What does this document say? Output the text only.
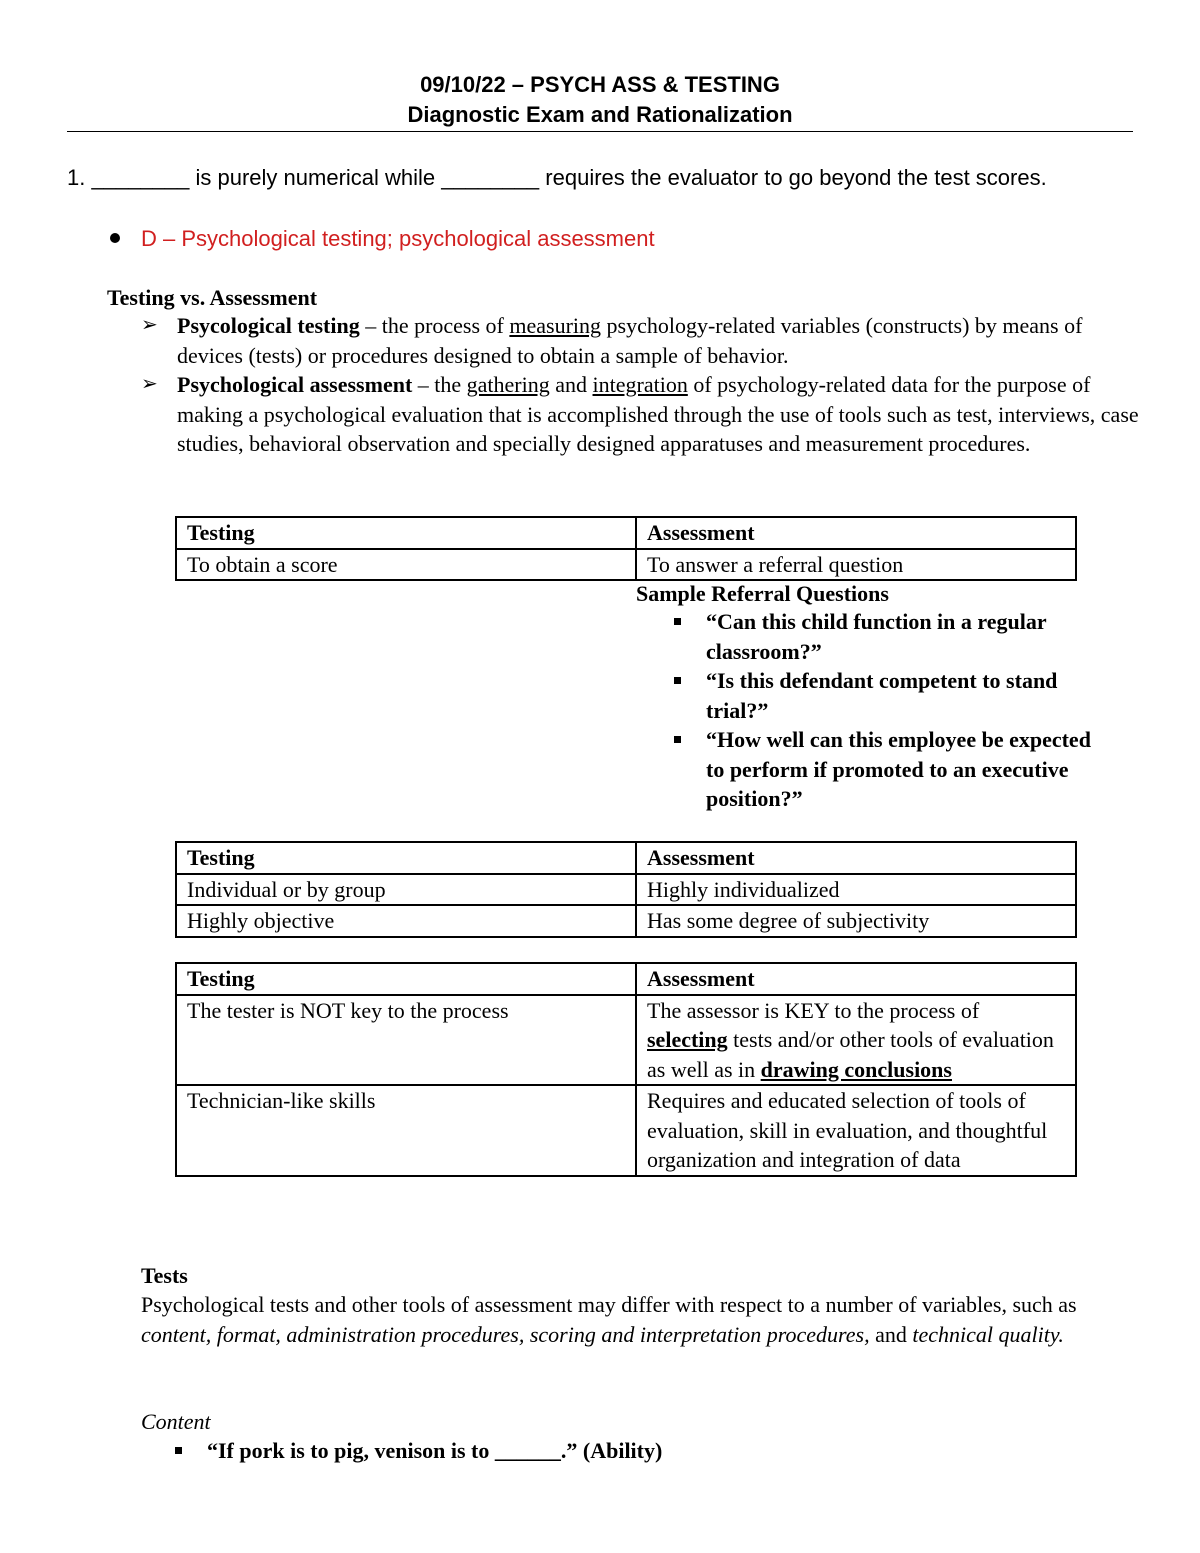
09/10/22 – PSYCH ASS & TESTING
Diagnostic Exam and Rationalization
1. ________ is purely numerical while ________ requires the evaluator to go beyond the test scores.
D – Psychological testing; psychological assessment
Testing vs. Assessment
➢ Psycological testing – the process of measuring psychology-related variables (constructs) by means of devices (tests) or procedures designed to obtain a sample of behavior.
➢ Psychological assessment – the gathering and integration of psychology-related data for the purpose of making a psychological evaluation that is accomplished through the use of tools such as test, interviews, case studies, behavioral observation and specially designed apparatuses and measurement procedures.
Testing	Assessment
To obtain a score	To answer a referral question
Sample Referral Questions
“Can this child function in a regular classroom?”
“Is this defendant competent to stand trial?”
“How well can this employee be expected to perform if promoted to an executive position?”
Testing	Assessment
Individual or by group	Highly individualized
Highly objective	Has some degree of subjectivity
Testing	Assessment
The tester is NOT key to the process	The assessor is KEY to the process of selecting tests and/or other tools of evaluation as well as in drawing conclusions
Technician-like skills	Requires and educated selection of tools of evaluation, skill in evaluation, and thoughtful organization and integration of data
Tests
Psychological tests and other tools of assessment may differ with respect to a number of variables, such as content, format, administration procedures, scoring and interpretation procedures, and technical quality.
Content
“If pork is to pig, venison is to ______.” (Ability)
